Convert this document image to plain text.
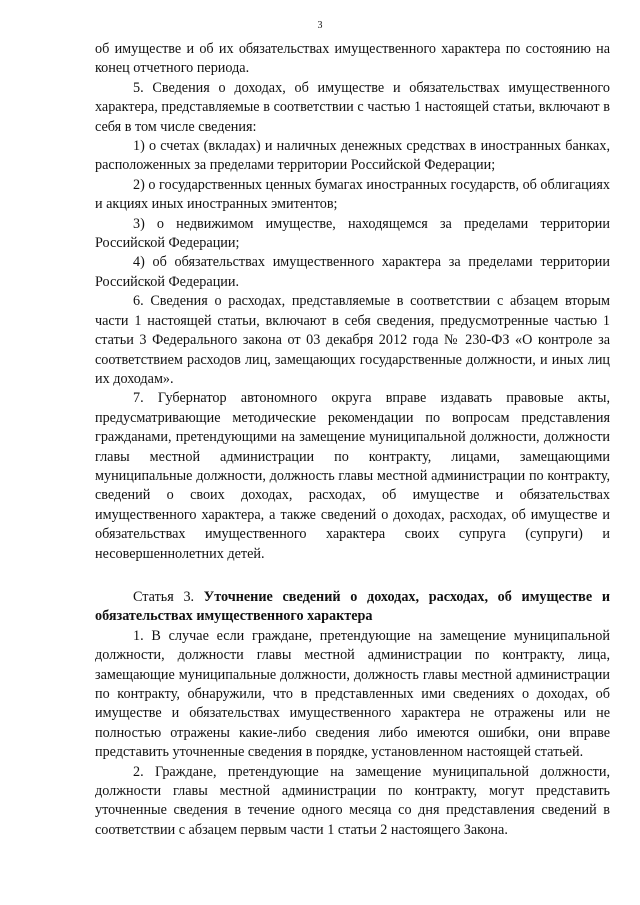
3

об имуществе и об их обязательствах имущественного характера по состоянию на конец отчетного периода.

5. Сведения о доходах, об имуществе и обязательствах имущественного характера, представляемые в соответствии с частью 1 настоящей статьи, включают в себя в том числе сведения:

1) о счетах (вкладах) и наличных денежных средствах в иностранных банках, расположенных за пределами территории Российской Федерации;

2) о государственных ценных бумагах иностранных государств, об облигациях и акциях иных иностранных эмитентов;

3) о недвижимом имуществе, находящемся за пределами территории Российской Федерации;

4) об обязательствах имущественного характера за пределами территории Российской Федерации.

6. Сведения о расходах, представляемые в соответствии с абзацем вторым части 1 настоящей статьи, включают в себя сведения, предусмотренные частью 1 статьи 3 Федерального закона от 03 декабря 2012 года № 230-ФЗ «О контроле за соответствием расходов лиц, замещающих государственные должности, и иных лиц их доходам».

7. Губернатор автономного округа вправе издавать правовые акты, предусматривающие методические рекомендации по вопросам представления гражданами, претендующими на замещение муниципальной должности, должности главы местной администрации по контракту, лицами, замещающими муниципальные должности, должность главы местной администрации по контракту, сведений о своих доходах, расходах, об имуществе и обязательствах имущественного характера, а также сведений о доходах, расходах, об имуществе и обязательствах имущественного характера своих супруга (супруги) и несовершеннолетних детей.

Статья 3. Уточнение сведений о доходах, расходах, об имуществе и обязательствах имущественного характера

1. В случае если граждане, претендующие на замещение муниципальной должности, должности главы местной администрации по контракту, лица, замещающие муниципальные должности, должность главы местной администрации по контракту, обнаружили, что в представленных ими сведениях о доходах, об имуществе и обязательствах имущественного характера не отражены или не полностью отражены какие-либо сведения либо имеются ошибки, они вправе представить уточненные сведения в порядке, установленном настоящей статьей.

2. Граждане, претендующие на замещение муниципальной должности, должности главы местной администрации по контракту, могут представить уточненные сведения в течение одного месяца со дня представления сведений в соответствии с абзацем первым части 1 статьи 2 настоящего Закона.
